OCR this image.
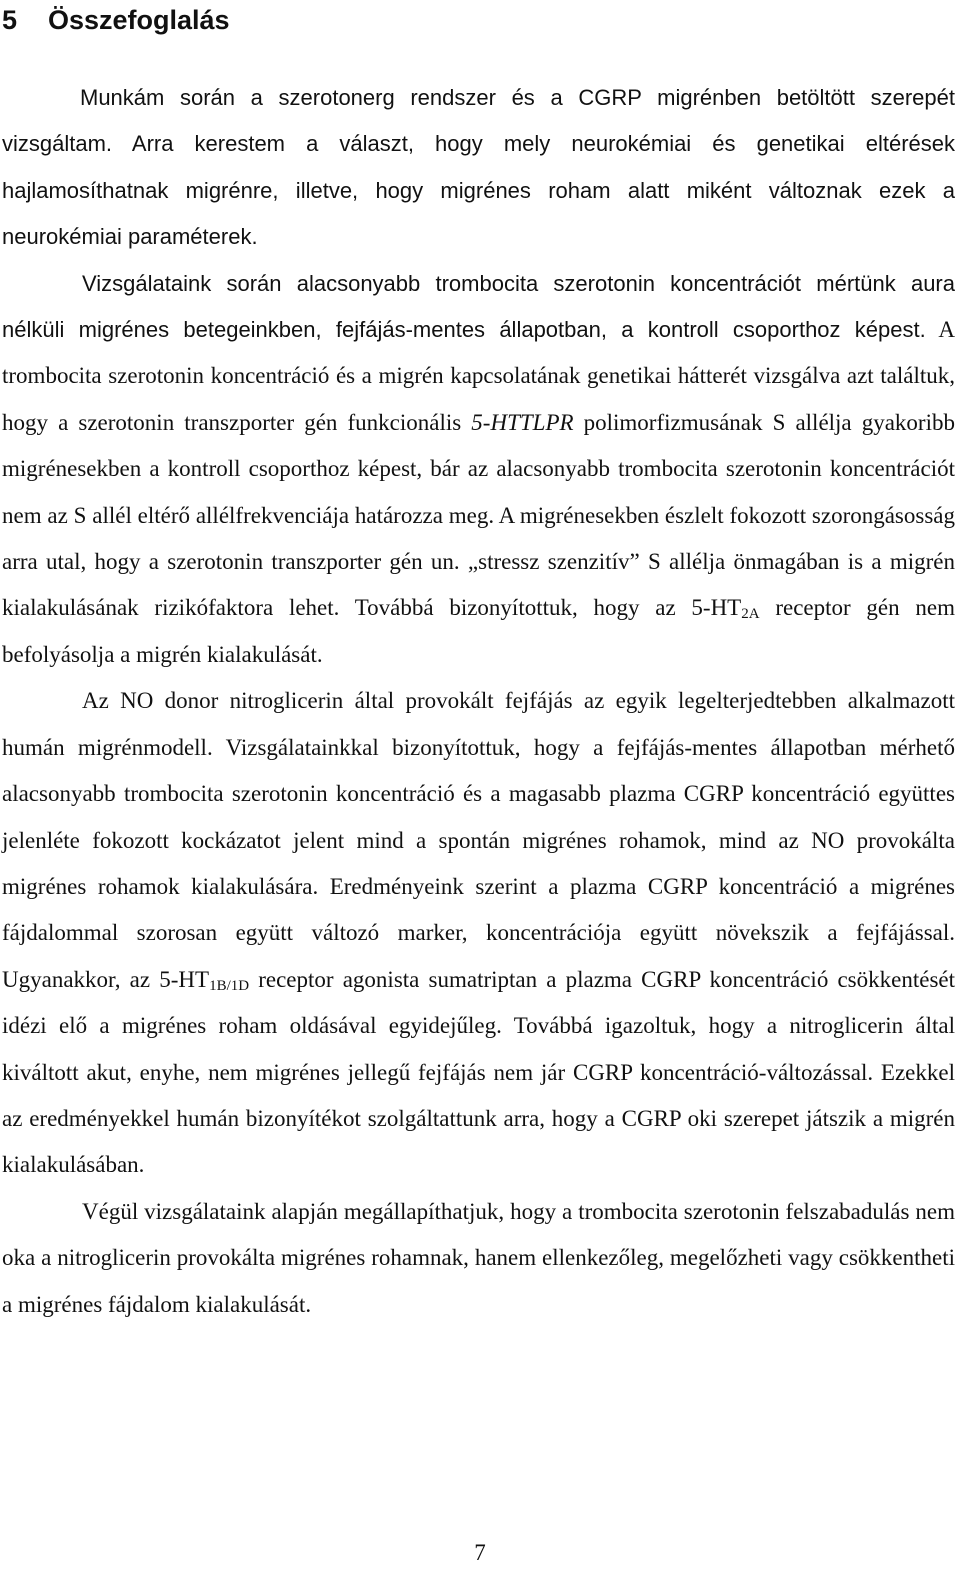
5 Összefoglalás

Munkám során a szerotonerg rendszer és a CGRP migrénben betöltött szerepét vizsgáltam. Arra kerestem a választ, hogy mely neurokémiai és genetikai eltérések hajlamosíthatnak migrénre, illetve, hogy migrénes roham alatt miként változnak ezek a neurokémiai paraméterek.

Vizsgálataink során alacsonyabb trombocita szerotonin koncentrációt mértünk aura nélküli migrénes betegeinkben, fejfájás-mentes állapotban, a kontroll csoporthoz képest. A trombocita szerotonin koncentráció és a migrén kapcsolatának genetikai hátterét vizsgálva azt találtuk, hogy a szerotonin transzporter gén funkcionális 5-HTTLPR polimorfizmusának S allélja gyakoribb migrénesekben a kontroll csoporthoz képest, bár az alacsonyabb trombocita szerotonin koncentrációt nem az S allél eltérő allélfrekvenciája határozza meg. A migrénesekben észlelt fokozott szorongásosság arra utal, hogy a szerotonin transzporter gén un. „stressz szenzitív” S allélja önmagában is a migrén kialakulásának rizikófaktora lehet. Továbbá bizonyítottuk, hogy az $5-HT_{2A}$ receptor gén nem befolyásolja a migrén kialakulását.

Az NO donor nitroglicerin által provokált fejfájás az egyik legelterjedtebben alkalmazott humán migrénmodell. Vizsgálatainkkal bizonyítottuk, hogy a fejfájás-mentes állapotban mérhető alacsonyabb trombocita szerotonin koncentráció és a magasabb plazma CGRP koncentráció együttes jelenléte fokozott kockázatot jelent mind a spontán migrénes rohamok, mind az NO provokálta migrénes rohamok kialakulására. Eredményeink szerint a plazma CGRP koncentráció a migrénes fájdalommal szorosan együtt változó marker, koncentrációja együtt növekszik a fejfájással. Ugyanakkor, az $5-HT_{1B/1D}$ receptor agonista sumatriptan a plazma CGRP koncentráció csökkentését idézi elő a migrénes roham oldásával egyidejűleg. Továbbá igazoltuk, hogy a nitroglicerin által kiváltott akut, enyhe, nem migrénes jellegű fejfájás nem jár CGRP koncentráció-változással. Ezekkel az eredményekkel humán bizonyítékot szolgáltattunk arra, hogy a CGRP oki szerepet játszik a migrén kialakulásában.

Végül vizsgálataink alapján megállapíthatjuk, hogy a trombocita szerotonin felszabadulás nem oka a nitroglicerin provokálta migrénes rohamnak, hanem ellenkezőleg, megelőzheti vagy csökkentheti a migrénes fájdalom kialakulását.

7
